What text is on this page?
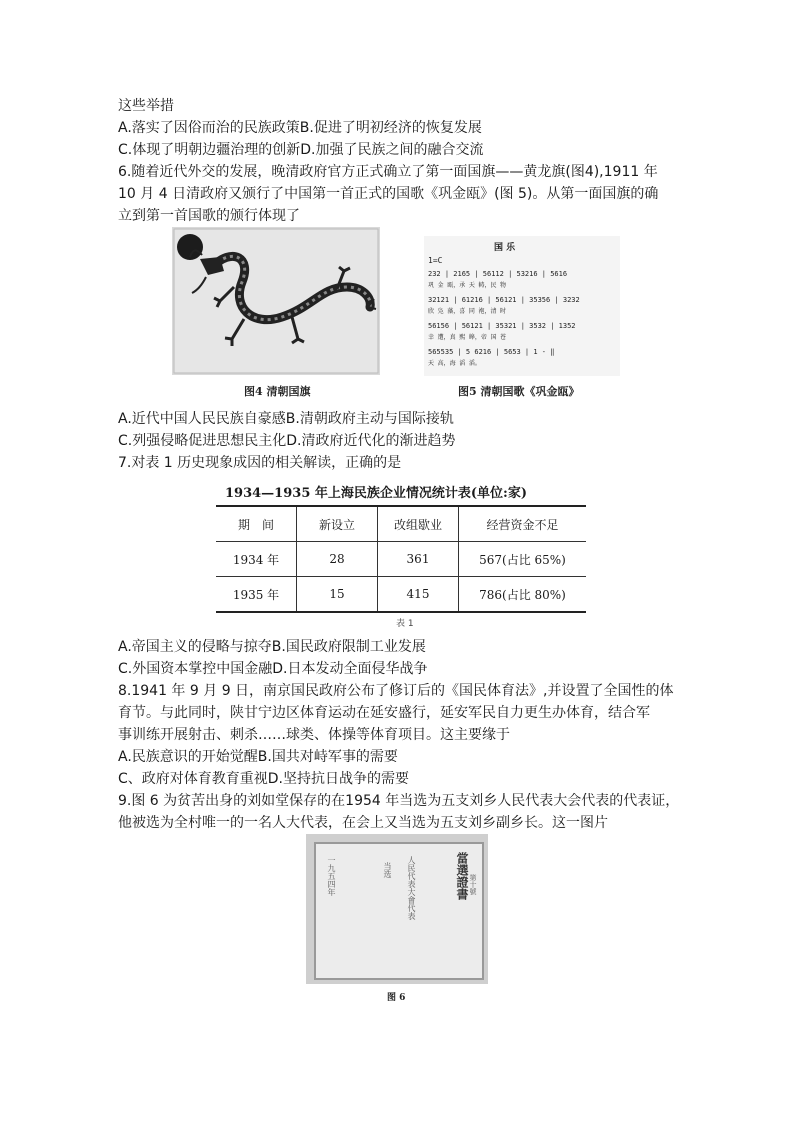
这些举措
A.落实了因俗而治的民族政策B.促进了明初经济的恢复发展
C.体现了明朝边疆治理的创新D.加强了民族之间的融合交流
6.随着近代外交的发展，晚清政府官方正式确立了第一面国旗——黄龙旗(图4),1911 年
10 月 4 日清政府又颁行了中国第一首正式的国歌《巩金瓯》(图 5)。从第一面国旗的确
立到第一首国歌的颁行体现了
图4 清朝国旗
国 乐
1=C
232 | 2165 | 56112 | 53216 | 5616
巩 金 瓯，承 天 帱，民 物
32121 | 61216 | 56121 | 35356 | 3232
欣 凫 藻，喜 同 袍，清 时
56156 | 56121 | 35321 | 3532 | 1352
幸 遭，真 熙 皞，帝 国 苍
565535 | 5 6216 | 5653 | 1 - ‖
天 高，海 滔 滔。
图5 清朝国歌《巩金瓯》
A.近代中国人民民族自豪感B.清朝政府主动与国际接轨
C.列强侵略促进思想民主化D.清政府近代化的渐进趋势
7.对表 1 历史现象成因的相关解读，正确的是
1934—1935 年上海民族企业情况统计表(单位:家)
期　间	新设立	改组歇业	经营资金不足
1934 年	28	361	567(占比 65%)
1935 年	15	415	786(占比 80%)
表 1
A.帝国主义的侵略与掠夺B.国民政府限制工业发展
C.外国资本掌控中国金融D.日本发动全面侵华战争
8.1941 年 9 月 9 日，南京国民政府公布了修订后的《国民体育法》,并设置了全国性的体
育节。与此同时，陕甘宁边区体育运动在延安盛行，延安军民自力更生办体育，结合军
事训练开展射击、刺杀……球类、体操等体育项目。这主要缘于
A.民族意识的开始觉醒B.国共对峙军事的需要
C、政府对体育教育重视D.坚持抗日战争的需要
9.图 6 为贫苦出身的刘如堂保存的在1954 年当选为五支刘乡人民代表大会代表的代表证，
他被选为全村唯一的一名人大代表，在会上又当选为五支刘乡副乡长。这一图片
當選證書 第十號
人民代表大會代表
当选
一九五四年
图 6
